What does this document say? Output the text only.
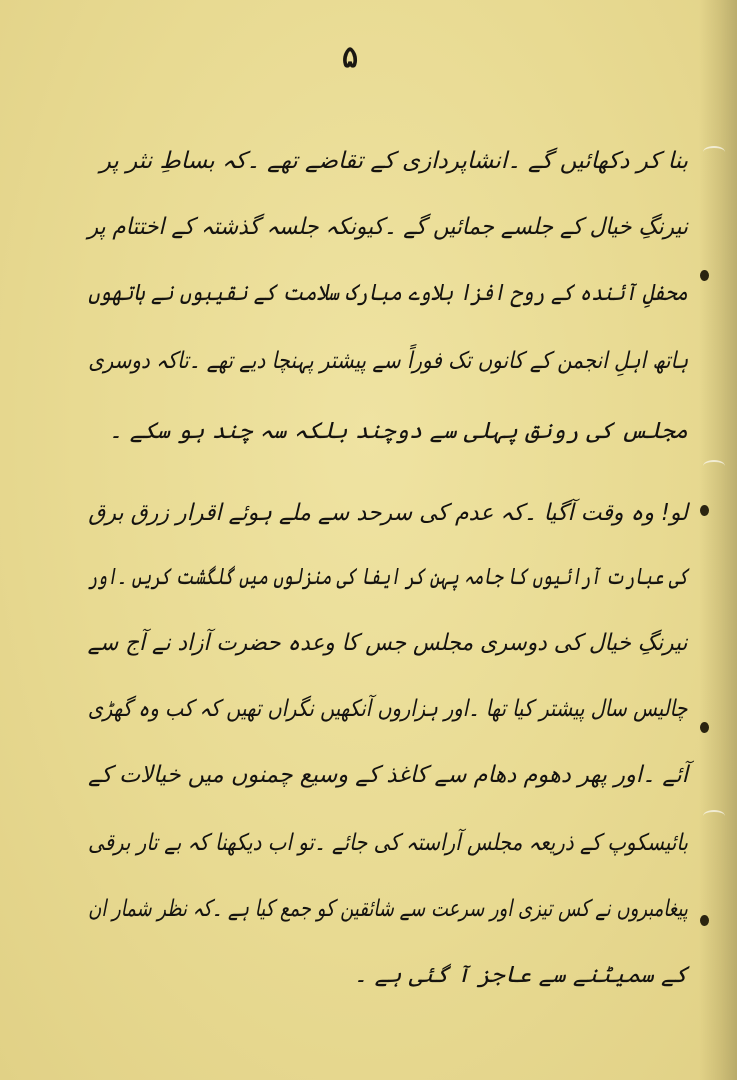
۵
بنا کر دکھائیں گے ۔انشاپردازی کے تقاضے تھے ۔کہ بساطِ نثر پر
نیرنگِ خیال کے جلسے جمائیں گے ۔کیونکہ جلسہ گذشتہ کے اختتام پر
محفلِ آئندہ کے روح افزا بلاوے مبارک سلامت کے نقیبوں نے ہاتھوں
ہاتھ اہلِ انجمن کے کانوں تک فوراً سے پیشتر پہنچا دیے تھے ۔تاکہ دوسری
مجلس کی رونق پہلی سے دوچند بلکہ سہ چند ہو سکے ۔
لو! وہ وقت آگیا ۔کہ عدم کی سرحد سے ملے ہوئے اقرار زرق برق
کی عبارت آرائیوں کا جامہ پہن کر ایفا کی منزلوں میں گلگشت کریں ۔اور
نیرنگِ خیال کی دوسری مجلس جس کا وعدہ حضرت آزاد نے آج سے
چالیس سال پیشتر کیا تھا ۔اور ہزاروں آنکھیں نگراں تھیں کہ کب وہ گھڑی
آئے ۔اور پھر دھوم دھام سے کاغذ کے وسیع چمنوں میں خیالات کے
بائیسکوپ کے ذریعہ مجلس آراستہ کی جائے ۔تو اب دیکھنا کہ بے تار برقی
پیغامبروں نے کس تیزی اور سرعت سے شائقین کو جمع کیا ہے ۔کہ نظر شمار ان
کے سمیٹنے سے عاجز آ گئی ہے ۔
